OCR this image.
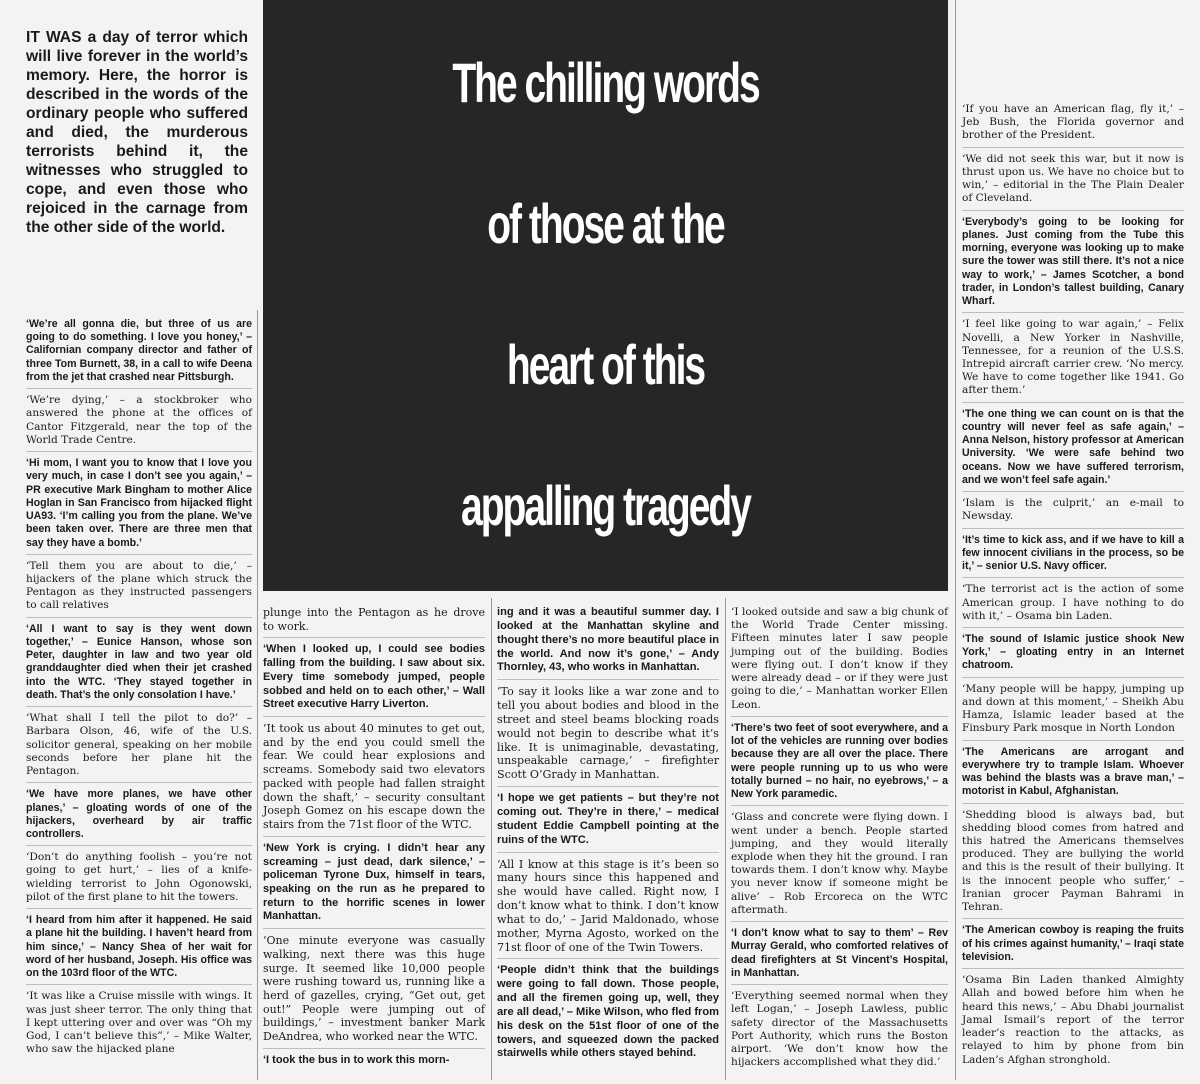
The chilling words
of those at the
heart of this
appalling tragedy
IT WAS a day of terror which will live forever in the world’s memory. Here, the horror is described in the words of the ordinary people who suffered and died, the murderous terrorists behind it, the witnesses who struggled to cope, and even those who rejoiced in the carnage from the other side of the world.

‘We’re all gonna die, but three of us are going to do something. I love you honey,’ – Californian company director and father of three Tom Burnett, 38, in a call to wife Deena from the jet that crashed near Pittsburgh.

‘We’re dying,’ – a stockbroker who answered the phone at the offices of Cantor Fitzgerald, near the top of the World Trade Centre.

‘Hi mom, I want you to know that I love you very much, in case I don’t see you again,’ – PR executive Mark Bingham to mother Alice Hoglan in San Francisco from hijacked flight UA93. ‘I’m calling you from the plane. We’ve been taken over. There are three men that say they have a bomb.’

‘Tell them you are about to die,’ – hijackers of the plane which struck the Pentagon as they instructed passengers to call relatives

‘All I want to say is they went down together,’ – Eunice Hanson, whose son Peter, daughter in law and two year old granddaughter died when their jet crashed into the WTC. ‘They stayed together in death. That’s the only consolation I have.’

‘What shall I tell the pilot to do?’ – Barbara Olson, 46, wife of the U.S. solicitor general, speaking on her mobile seconds before her plane hit the Pentagon.

‘We have more planes, we have other planes,’ – gloating words of one of the hijackers, overheard by air traffic controllers.

‘Don’t do anything foolish – you’re not going to get hurt,’ – lies of a knife-wielding terrorist to John Ogonowski, pilot of the first plane to hit the towers.

‘I heard from him after it happened. He said a plane hit the building. I haven’t heard from him since,’ – Nancy Shea of her wait for word of her husband, Joseph. His office was on the 103rd floor of the WTC.

‘It was like a Cruise missile with wings. It was just sheer terror. The only thing that I kept uttering over and over was “Oh my God, I can’t believe this”,’ – Mike Walter, who saw the hijacked plane

plunge into the Pentagon as he drove to work.

‘When I looked up, I could see bodies falling from the building. I saw about six. Every time somebody jumped, people sobbed and held on to each other,’ – Wall Street executive Harry Liverton.

‘It took us about 40 minutes to get out, and by the end you could smell the fear. We could hear explosions and screams. Somebody said two elevators packed with people had fallen straight down the shaft,’ – security consultant Joseph Gomez on his escape down the stairs from the 71st floor of the WTC.

‘New York is crying. I didn’t hear any screaming – just dead, dark silence,’ – policeman Tyrone Dux, himself in tears, speaking on the run as he prepared to return to the horrific scenes in lower Manhattan.

‘One minute everyone was casually walking, next there was this huge surge. It seemed like 10,000 people were rushing toward us, running like a herd of gazelles, crying, “Get out, get out!” People were jumping out of buildings,’ – investment banker Mark DeAndrea, who worked near the WTC.

‘I took the bus in to work this morn-

ing and it was a beautiful summer day. I looked at the Manhattan skyline and thought there’s no more beautiful place in the world. And now it’s gone,’ – Andy Thornley, 43, who works in Manhattan.

‘To say it looks like a war zone and to tell you about bodies and blood in the street and steel beams blocking roads would not begin to describe what it’s like. It is unimaginable, devastating, unspeakable carnage,’ – firefighter Scott O’Grady in Manhattan.

‘I hope we get patients – but they’re not coming out. They’re in there,’ – medical student Eddie Campbell pointing at the ruins of the WTC.

‘All I know at this stage is it’s been so many hours since this happened and she would have called. Right now, I don’t know what to think. I don’t know what to do,’ – Jarid Maldonado, whose mother, Myrna Agosto, worked on the 71st floor of one of the Twin Towers.

‘People didn’t think that the buildings were going to fall down. Those people, and all the firemen going up, well, they are all dead,’ – Mike Wilson, who fled from his desk on the 51st floor of one of the towers, and squeezed down the packed stairwells while others stayed behind.

‘I looked outside and saw a big chunk of the World Trade Center missing. Fifteen minutes later I saw people jumping out of the building. Bodies were flying out. I don’t know if they were already dead – or if they were just going to die,’ – Manhattan worker Ellen Leon.

‘There’s two feet of soot everywhere, and a lot of the vehicles are running over bodies because they are all over the place. There were people running up to us who were totally burned – no hair, no eyebrows,’ – a New York paramedic.

‘Glass and concrete were flying down. I went under a bench. People started jumping, and they would literally explode when they hit the ground. I ran towards them. I don’t know why. Maybe you never know if someone might be alive’ – Rob Ercoreca on the WTC aftermath.

‘I don’t know what to say to them’ – Rev Murray Gerald, who comforted relatives of dead firefighters at St Vincent’s Hospital, in Manhattan.

‘Everything seemed normal when they left Logan,’ – Joseph Lawless, public safety director of the Massachusetts Port Authority, which runs the Boston airport. ‘We don’t know how the hijackers accomplished what they did.’

‘If you have an American flag, fly it,’ – Jeb Bush, the Florida governor and brother of the President.

‘We did not seek this war, but it now is thrust upon us. We have no choice but to win,’ – editorial in the The Plain Dealer of Cleveland.

‘Everybody’s going to be looking for planes. Just coming from the Tube this morning, everyone was looking up to make sure the tower was still there. It’s not a nice way to work,’ – James Scotcher, a bond trader, in London’s tallest building, Canary Wharf.

‘I feel like going to war again,’ – Felix Novelli, a New Yorker in Nashville, Tennessee, for a reunion of the U.S.S. Intrepid aircraft carrier crew. ‘No mercy. We have to come together like 1941. Go after them.’

‘The one thing we can count on is that the country will never feel as safe again,’ – Anna Nelson, history professor at American University. ‘We were safe behind two oceans. Now we have suffered terrorism, and we won’t feel safe again.’

‘Islam is the culprit,’ an e-mail to Newsday.

‘It’s time to kick ass, and if we have to kill a few innocent civilians in the process, so be it,’ – senior U.S. Navy officer.

‘The terrorist act is the action of some American group. I have nothing to do with it,’ – Osama bin Laden.

‘The sound of Islamic justice shook New York,’ – gloating entry in an Internet chatroom.

‘Many people will be happy, jumping up and down at this moment,’ – Sheikh Abu Hamza, Islamic leader based at the Finsbury Park mosque in North London

‘The Americans are arrogant and everywhere try to trample Islam. Whoever was behind the blasts was a brave man,’ – motorist in Kabul, Afghanistan.

‘Shedding blood is always bad, but shedding blood comes from hatred and this hatred the Americans themselves produced. They are bullying the world and this is the result of their bullying. It is the innocent people who suffer,’ – Iranian grocer Payman Bahrami in Tehran.

‘The American cowboy is reaping the fruits of his crimes against humanity,’ – Iraqi state television.

‘Osama Bin Laden thanked Almighty Allah and bowed before him when he heard this news,’ – Abu Dhabi journalist Jamal Ismail’s report of the terror leader’s reaction to the attacks, as relayed to him by phone from bin Laden’s Afghan stronghold.
